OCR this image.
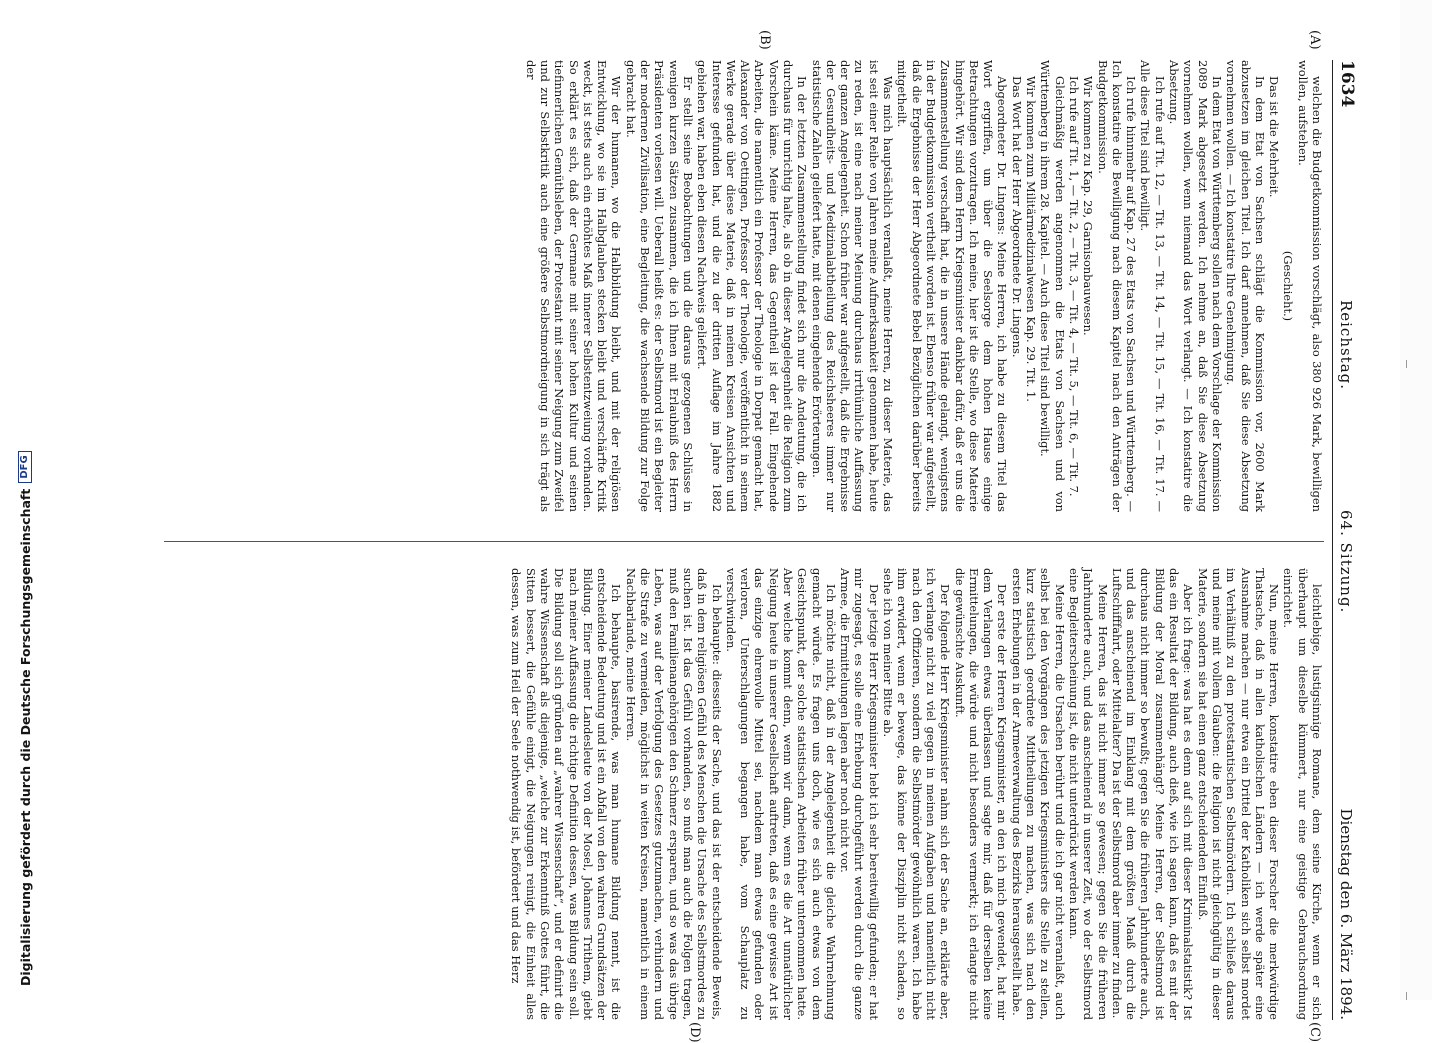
1634
Reichstag.
64. Sitzung.
Dienstag den 6. März 1894.
(A)
(B)
(C)
(D)

welchen die Budgetkommission vorschlägt, also 380 926 Mark, bewilligen wollen, aufstehen.

(Geschieht.)

Das ist die Mehrheit.

In dem Etat von Sachsen schlägt die Kommission vor, 2600 Mark abzusetzen im gleichen Titel. Ich darf annehmen, daß Sie diese Absetzung vornehmen wollen. — Ich konstatire Ihre Genehmigung.

In dem Etat von Württemberg sollen nach dem Vorschlage der Kommission 2089 Mark abgesetzt werden. Ich nehme an, daß Sie diese Absetzung vornehmen wollen, wenn niemand das Wort verlangt. — Ich konstatire die Absetzung.

Ich rufe auf Tit. 12, — Tit. 13, — Tit. 14, — Tit. 15, — Tit. 16, — Tit. 17. — Alle diese Titel sind bewilligt.

Ich rufe hinnmehr auf Kap. 27 des Etats von Sachsen und Württemberg. — Ich konstatire die Bewilligung nach diesem Kapitel nach den Anträgen der Budgetkommission.

Wir kommen zu Kap. 29, Garnisonbauwesen.

Ich rufe auf Tit. 1, — Tit. 2, — Tit. 3, — Tit. 4, — Tit. 5, — Tit. 6, — Tit. 7.

Gleichmäßig werden angenommen die Etats von Sachsen und von Württemberg in ihrem 28. Kapitel. — Auch diese Titel sind bewilligt.

Wir kommen zum Militärmedizinalwesen Kap. 29. Tit. 1.

Das Wort hat der Herr Abgeordnete Dr. Lingens.

Abgeordneter Dr. Lingens: Meine Herren, ich habe zu diesem Titel das Wort ergriffen, um über die Seelsorge dem hohen Hause einige Betrachtungen vorzutragen. Ich meine, hier ist die Stelle, wo diese Materie hingehört. Wir sind dem Herrn Kriegsminister dankbar dafür, daß er uns die Zusammenstellung verschafft hat, die in unsere Hände gelangt, wenigstens in der Budgetkommission vertheilt worden ist. Ebenso früher war aufgestellt, daß die Ergebnisse der Herr Abgeordnete Bebel Bezüglichen darüber bereits mitgetheilt.

Was mich hauptsächlich veranlaßt, meine Herren, zu dieser Materie, das ist seit einer Reihe von Jahren meine Aufmerksamkeit genommen habe, heute zu reden, ist eine nach meiner Meinung durchaus irrthümliche Auffassung der ganzen Angelegenheit. Schon früher war aufgestellt, daß die Ergebnisse der Gesundheits- und Medizinalabtheilung des Reichsheeres immer nur statistische Zahlen geliefert hatte, mit denen eingehende Erörterungen.

In der letzten Zusammenstellung findet sich nur die Andeutung, die ich durchaus für unrichtig halte, als ob in dieser Angelegenheit die Religion zum Vorschein käme. Meine Herren, das Gegentheil ist der Fall. Eingehende Arbeiten, die namentlich ein Professor der Theologie in Dorpat gemacht hat, Alexander von Oettingen, Professor der Theologie, veröffentlicht in seinem Werke gerade über diese Materie, daß in meinen Kreisen Ansichten und Interesse gefunden hat, und die zu der dritten Auflage im Jahre 1882 gebiehen war, haben eben diesen Nachweis geliefert.

Er stellt seine Beobachtungen und die daraus gezogenen Schlüsse in wenigen kurzen Sätzen zusammen, die ich Ihnen mit Erlaubniß des Herrn Präsidenten vorlesen will. Ueberall heißt es: der Selbstmord ist ein Begleiter der modernen Zivilisation, eine Begleitung, die wachsende Bildung zur Folge gebracht hat.

Wir der humanen, wo die Halbbildung bleibt, und mit der religiösen Entwicklung, wo sie im Halbglauben stecken bleibt und verschärfte Kritik weckt, ist stets auch ein erhöhtes Maß innerer Selbstentzweiung vorhanden. So erklärt es sich, daß der Germane mit seiner hohen Kultur und seinen tiefinnerlichen Gemüthsleben, der Protestant mit seiner Neigung zum Zweifel und zur Selbstkritik auch eine größere Selbstmordneigung in sich trägt als der

leichtlebige, lustigsinnige Romane, dem seine Kirche, wenn er sich überhaupt um dieselbe kümmert, nur eine geistige Gebrauchsordnung einrichtet.

Nun, meine Herren, konstatire eben dieser Forscher die merkwürdige Thatsache, daß in allen katholischen Ländern — ich werde später eine Ausnahme machen — nur etwa ein Drittel der Katholiken sich selbst mordet im Verhältniß zu den protestantischen Selbstmördern. Ich schließe daraus und meine mit vollem Glauben: die Religion ist nicht gleichgültig in dieser Materie, sondern sie hat einen ganz entscheidenden Einfluß.

Aber ich frage: was hat es denn auf sich mit dieser Kriminalstatistik? Ist das ein Resultat der Bildung, auch dieß, wie ich sagen kann, daß es mit der Bildung der Moral zusammenhängt? Meine Herren, der Selbstmord ist durchaus nicht immer so bewußt; gegen Sie die früheren Jahrhunderte auch, und das anscheinend im Einklang mit dem größten Maaß durch die Luftschifffahrt, oder Mittelalter? Da ist der Selbstmord aber immer zu finden.

Meine Herren, das ist nicht immer so gewesen; gegen Sie die früheren Jahrhunderte auch, und das anscheinend in unserer Zeit, wo der Selbstmord eine Begleiterscheinung ist, die nicht unterdrückt werden kann.

Meine Herren, die Ursachen berührt und die ich gar nicht veranlaßt, auch selbst bei den Vorgängen des jetzigen Kriegsministers die Stelle zu stellen, kurz statistisch geordnete Mittheilungen zu machen, was sich nach den ersten Erhebungen in der Armeeverwaltung des Bezirks herausgestellt habe.

Der erste der Herren Kriegsminister, an den ich mich gewendet, hat mir dem Verlangen etwas überlassen und sagte mir, daß für derselben keine Ermittelungen, die würde und nicht besonders vermerkt; ich erlangte nicht die gewünschte Auskunft.

Der folgende Herr Kriegsminister nahm sich der Sache an, erklärte aber, ich verlange nicht zu viel gegen in meinen Aufgaben und namentlich nicht nach den Offizieren, sondern die Selbstmörder gewöhnlich waren. Ich habe ihm erwidert, wenn er bewege, das könne der Disziplin nicht schaden, so sehe ich von meiner Bitte ab.

Der jetzige Herr Kriegsminister hebt ich sehr bereitwillig gefunden; er hat mir zugesagt, es solle eine Erhebung durchgeführt werden durch die ganze Armee, die Ermittelungen lagen aber noch nicht vor.

Ich möchte nicht, daß in der Angelegenheit die gleiche Wahrnehmung gemacht würde. Es fragen uns doch, wie es sich auch etwas von dem Gesichtspunkt, der solche statistischen Arbeiten früher unternommen hatte. Aber welche kommt denn, wenn wir dann, wenn es die Art unnatürlicher Neigung heute in unserer Gesellschaft auftreten, daß es eine gewisse Art ist das einzige ehrenvolle Mittel sei, nachdem man etwas gefunden oder verloren, Unterschlagungen begangen habe, vom Schauplatz zu verschwinden.

Ich behaupte: diesseits der Sache, und das ist der entscheidende Beweis, daß in dem religiösen Gefühl des Menschen die Ursache des Selbstmordes zu suchen ist. Ist das Gefühl vorhanden, so muß man auch die Folgen tragen, muß den Familienangehörigen den Schmerz ersparen, und so was das übrige Leben, was auf der Verfolgung des Gesetzes gutzumachen, verhindern und die Strafe zu vermeiden, möglichst in weiten Kreisen, namentlich in einem Nachbarlande, meine Herren.

Ich behaupte, basirende, was man humane Bildung nennt, ist die entscheidende Bedeutung und ist ein Abfall von den wahren Grundsätzen der Bildung. Einer meiner Landesleute von der Mosel, Johannes Trithem, giebt nach meiner Auffassung die richtige Definition dessen, was Bildung sein soll. Die Bildung soll sich gründen auf „wahrer Wissenschaft“, und er definirt die wahre Wissenschaft als diejenige, „welche zur Erkenntniß Gottes führt, die Sitten bessert, die Gefühle einigt, die Neigungen reinigt, die Einheit alles dessen, was zum Heil der Seele nothwendig ist, befördert und das Herz

Digitalisierung gefördert durch die Deutsche Forschungsgemeinschaft
DFG
